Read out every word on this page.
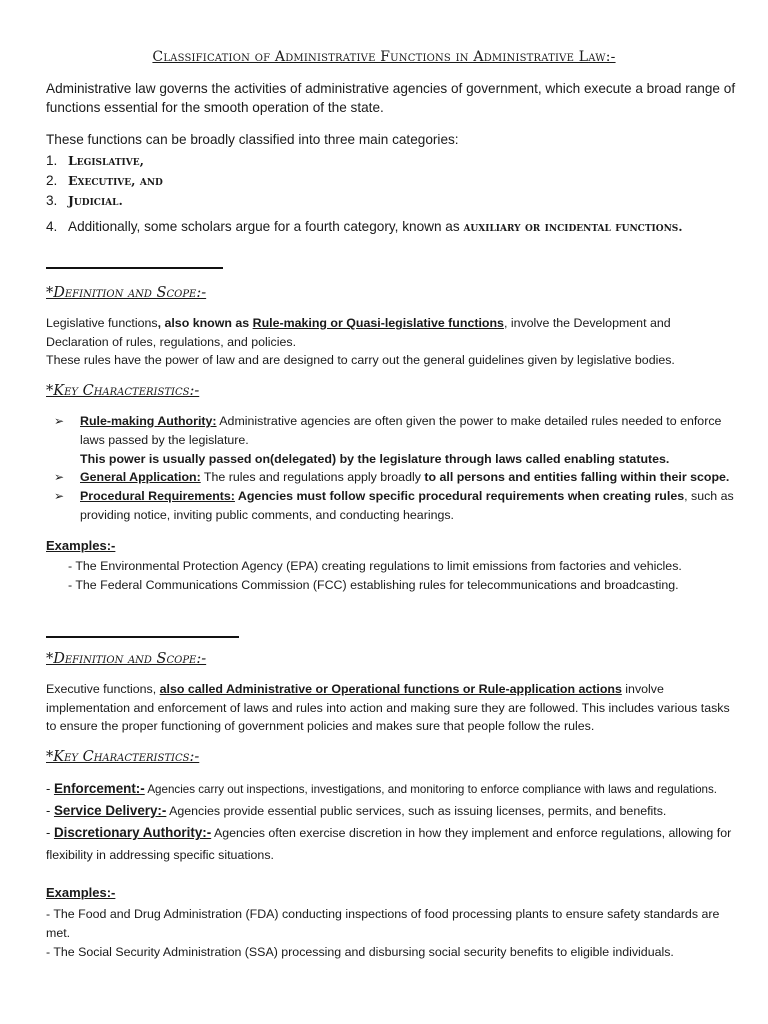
Classification of Administrative Functions in Administrative Law:-
Administrative law governs the activities of administrative agencies of government, which execute a broad range of functions essential for the smooth operation of the state.
These functions can be broadly classified into three main categories:
1. Legislative,
2. Executive, and
3. Judicial.
4. Additionally, some scholars argue for a fourth category, known as auxiliary or incidental functions.
*Definition and Scope:-
Legislative functions, also known as Rule-making or Quasi-legislative functions, involve the Development and Declaration of rules, regulations, and policies.
These rules have the power of law and are designed to carry out the general guidelines given by legislative bodies.
*Key Characteristics:-
➢ Rule-making Authority: Administrative agencies are often given the power to make detailed rules needed to enforce laws passed by the legislature.
This power is usually passed on(delegated) by the legislature through laws called enabling statutes.
➢ General Application: The rules and regulations apply broadly to all persons and entities falling within their scope.
➢ Procedural Requirements: Agencies must follow specific procedural requirements when creating rules, such as providing notice, inviting public comments, and conducting hearings.
Examples:-
- The Environmental Protection Agency (EPA) creating regulations to limit emissions from factories and vehicles.
- The Federal Communications Commission (FCC) establishing rules for telecommunications and broadcasting.
*Definition and Scope:-
Executive functions, also called Administrative or Operational functions or Rule-application actions involve implementation and enforcement of laws and rules into action and making sure they are followed. This includes various tasks to ensure the proper functioning of government policies and makes sure that people follow the rules.
*Key Characteristics:-
- Enforcement:- Agencies carry out inspections, investigations, and monitoring to enforce compliance with laws and regulations.
- Service Delivery:- Agencies provide essential public services, such as issuing licenses, permits, and benefits.
- Discretionary Authority:- Agencies often exercise discretion in how they implement and enforce regulations, allowing for flexibility in addressing specific situations.
Examples:-
- The Food and Drug Administration (FDA) conducting inspections of food processing plants to ensure safety standards are met.
- The Social Security Administration (SSA) processing and disbursing social security benefits to eligible individuals.
